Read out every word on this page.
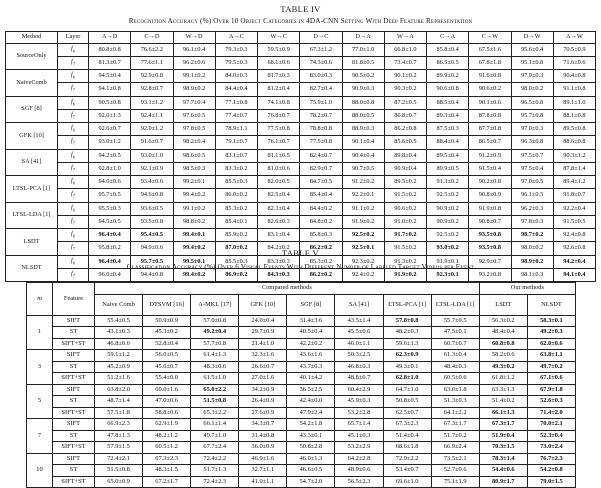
TABLE IV
Recognition Accuracy (%) Over 10 Object Categories in 4DA-CNN Setting With Deep Feature Representation
Method	Layer	A→D	C→D	W→D	A→C	W→C	D→C	D→A	W→A	C→A	C→W	D→W	A→W
SourceOnly	$f_6$	80.8±0.8	76.6±2.2	96.1±0.4	79.3±0.3	59.5±0.9	67.3±1.2	77.0±1.0	66.8±1.0	85.8±0.4	67.5±1.6	95.6±0.4	70.5±0.9
	$f_7$	81.3±0.7	77.6±1.1	96.2±0.6	79.5±0.3	68.1±0.6	74.3±0.6	81.8±0.5	73.4±0.7	86.5±0.5	67.8±1.8	95.1±0.8	71.6±0.6
NaiveComb	$f_6$	94.5±0.4	92.9±0.8	99.1±0.2	84.0±0.3	81.7±0.3	83.0±0.3	90.5±0.2	90.1±0.2	89.9±0.2	91.6±0.8	97.9±0.3	90.4±0.8
	$f_7$	94.1±0.8	92.8±0.7	98.9±0.2	84.4±0.4	81.2±0.4	82.7±0.4	90.9±0.3	90.3±0.2	90.6±0.8	90.6±0.2	98.0±0.2	91.1±0.8
SGF [8]	$f_6$	90.5±0.8	93.1±1.2	97.7±0.4	77.1±0.8	74.1±0.8	75.9±1.0	88.0±0.8	87.2±0.5	88.5±0.4	90.1±0.6	96.5±0.8	89.1±1.0
	$f_7$	92.0±1.3	92.4±1.1	97.6±0.5	77.4±0.7	76.8±0.7	78.2±0.7	88.0±0.5	86.8±0.7	89.3±0.4	87.8±0.8	95.7±0.8	88.1±0.8
GFK [10]	$f_6$	92.6±0.7	92.0±1.2	97.8±0.5	78.9±1.1	77.5±0.8	78.8±0.8	88.9±0.3	86.2±0.8	87.5±0.3	87.7±0.8	97.0±0.3	89.5±0.8
	$f_7$	93.0±1.2	91.6±0.7	98.2±0.4	79.1±0.7	76.1±0.7	77.5±0.8	90.1±0.4	85.6±0.5	88.4±0.4	86.5±0.7	96.3±0.8	88.6±0.8
SA [41]	$f_6$	94.2±0.5	93.0±1.0	98.6±0.5	83.1±0.7	81.1±0.5	82.4±0.7	90.4±0.4	89.8±0.4	89.5±0.4	91.2±0.9	97.5±0.7	90.3±1.2
	$f_7$	92.8±1.0	92.1±0.9	98.5±0.3	83.3±0.2	81.0±0.6	82.9±0.7	90.7±0.5	90.9±0.4	89.9±0.5	91.5±0.4	97.5±0.4	87.8±1.4
LTSL-PCA [1]	$f_6$	94.6±0.6	93.4±0.6	99.2±0.1	85.5±0.3	82.0±0.5	84.7±0.5	91.2±0.2	89.5±0.2	91.3±0.2	90.2±0.8	97.0±0.5	89.4±1.2
	$f_7$	95.7±0.5	94.6±0.8	99.4±0.2	86.0±0.2	82.5±0.4	85.4±0.4	92.2±0.1	91.5±0.2	92.5±0.2	90.8±0.9	96.1±0.5	91.8±0.7
LTSL-LDA [1]	$f_6$	95.5±0.3	93.6±0.5	99.1±0.2	85.3±0.2	82.3±0.4	84.4±0.2	91.1±0.2	90.6±0.2	90.9±0.2	91.9±0.8	96.2±0.3	92.2±0.4
	$f_7$	94.5±0.5	93.5±0.8	98.8±0.2	85.4±0.1	82.6±0.3	84.8±0.2	91.9±0.2	91.0±0.2	90.9±0.2	90.8±0.7	97.8±0.3	91.5±0.5
LSDT	$f_6$	96.4±0.4	95.4±0.5	99.4±0.1	85.9±0.2	83.1±0.4	85.8±0.3	92.5±0.2	91.7±0.2	92.5±0.2	93.5±0.8	98.7±0.2	92.4±0.8
	$f_7$	95.8±0.2	94.9±0.6	99.4±0.2	87.0±0.2	84.2±0.2	86.2±0.2	92.5±0.1	91.5±0.2	93.0±0.2	93.5±0.8	98.0±0.2	92.6±0.8
NLSDT	$f_6$	96.4±0.4	95.7±0.5	99.5±0.1	85.5±0.3	83.3±0.3	85.3±0.2	92.3±0.2	91.3±0.2	91.9±0.1	92.9±0.7	98.9±0.2	94.2±0.4
	$f_7$	96.0±0.4	94.4±0.8	99.4±0.2	86.9±0.2	84.3±0.3	86.2±0.2	92.4±0.2	91.9±0.2	92.3±0.1	93.2±0.8	98.1±0.3	94.1±0.4
TABLE V
Classification Accuracy (%) Over 6 Visual Events With Different Number of Labeled Target Videos per Event
m	Feature	Compared methods								Our methods	
		Naive Comb	DTSVM [16]	A-MKL [17]	GFK [10]	SGF [8]	SA [41]	LTSL-PCA [1]	LTSL-LDA [1]	LSDT	NLSDT
1	SIFT	55.4±0.5	50.9±0.9	57.0±0.8	24.0±0.4	31.4±3.6	43.5±1.4	57.8±0.8	55.7±0.5	56.3±0.2	58.3±0.1
	ST	43.1±0.3	45.3±0.2	49.2±0.4	29.7±0.9	40.5±0.4	45.5±0.6	48.2±0.3	47.5±0.1	48.4±0.4	49.2±0.3
	SIFT+ST	46.8±0.6	52.8±0.4	57.7±0.8	21.4±1.0	42.2±0.2	46.0±1.1	59.6±1.3	60.7±0.7	60.8±0.8	62.0±0.6
3	SIFT	59.1±1.2	56.0±0.5	61.4±1.3	32.3±1.6	43.6±1.6	50.3±2.5	62.3±0.9	61.3±0.4	58.2±0.6	63.8±1.1
	ST	45.2±0.9	45.6±0.7	48.3±0.6	26.6±0.7	43.7±0.3	46.8±0.3	49.3±0.1	48.4±0.3	49.3±0.2	49.7±0.2
	SIFT+ST	51.2±1.6	55.4±0.0	61.5±1.0	27.0±1.6	40.1±4.2	48.8±0.7	62.8±1.0	60.5±0.6	61.8±1.2	67.1±0.6
5	SIFT	63.8±2.0	60.0±1.6	65.0±2.2	34.2±0.9	36.5±2.5	60.4±2.9	64.7±1.0	63.0±1.8	63.3±1.3	67.9±1.8
	ST	48.7±1.4	47.0±0.6	51.5±0.8	26.4±0.9	42.4±0.0	45.9±0.3	50.8±0.5	51.3±0.3	51.4±0.2	52.6±0.3
	SIFT+ST	57.5±1.8	58.8±0.6	65.3±2.2	27.6±0.9	47.9±2.4	53.2±2.8	62.5±0.7	64.1±2.2	66.1±1.3	71.4±2.0
7	SIFT	66.9±2.3	62.9±1.9	66.1±1.4	34.3±0.7	54.2±1.8	65.7±1.4	67.3±2.3	67.3±1.7	67.3±1.7	70.0±2.1
	ST	47.8±1.3	48.2±1.2	49.7±1.0	31.4±0.8	43.3±0.1	45.1±0.3	51.4±0.4	51.7±0.2	51.9±0.4	52.3±0.4
	SIFT+ST	57.9±1.5	60.5±1.2	67.7±2.4	36.0±0.9	50.8±2.8	53.2±2.9	68.6±1.8	66.9±2.4	70.3±1.5	73.0±2.4
10	SIFT	72.4±2.1	67.3±2.3	72.4±2.2	46.9±1.6	46.0±1.3	64.2±2.8	72.9±2.2	73.5±2.1	78.3±1.4	76.7±2.3
	ST	51.5±0.8	48.3±1.5	51.7±1.3	32.7±1.1	46.6±0.5	48.9±0.6	53.4±0.7	52.7±0.6	54.4±0.6	54.2±0.8
	SIFT+ST	65.0±0.9	67.2±1.7	72.4±2.3	41.0±1.1	54.7±2.0	56.5±2.3	69.6±1.0	75.1±1.9	80.9±1.7	79.0±1.5
